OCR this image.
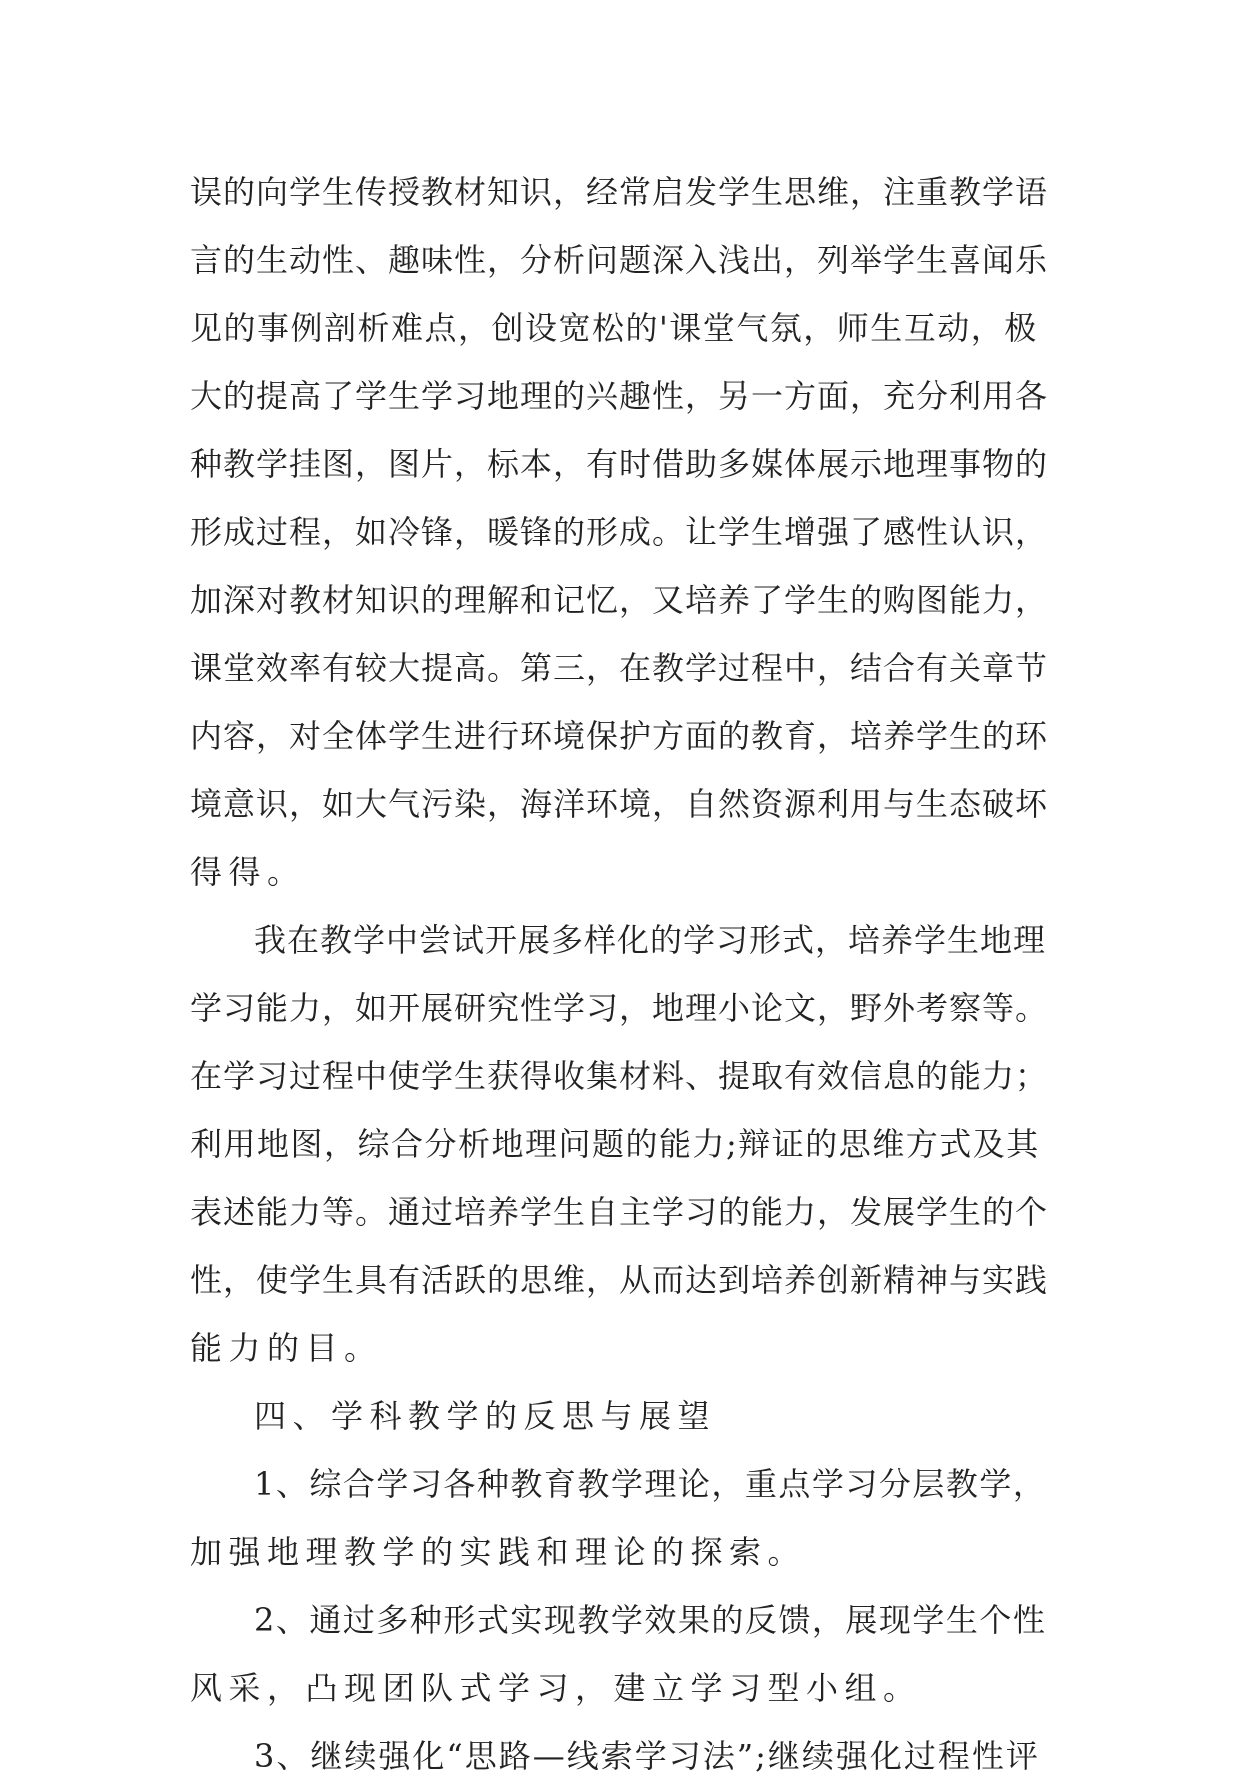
误的向学生传授教材知识，经常启发学生思维，注重教学语
言的生动性、趣味性，分析问题深入浅出，列举学生喜闻乐
见的事例剖析难点，创设宽松的'课堂气氛，师生互动，极
大的提高了学生学习地理的兴趣性，另一方面，充分利用各
种教学挂图，图片，标本，有时借助多媒体展示地理事物的
形成过程，如冷锋，暖锋的形成。让学生增强了感性认识，
加深对教材知识的理解和记忆，又培养了学生的购图能力，
课堂效率有较大提高。第三，在教学过程中，结合有关章节
内容，对全体学生进行环境保护方面的教育，培养学生的环
境意识，如大气污染，海洋环境，自然资源利用与生态破坏
得得。
我在教学中尝试开展多样化的学习形式，培养学生地理
学习能力，如开展研究性学习，地理小论文，野外考察等。
在学习过程中使学生获得收集材料、提取有效信息的能力；
利用地图，综合分析地理问题的能力;辩证的思维方式及其
表述能力等。通过培养学生自主学习的能力，发展学生的个
性，使学生具有活跃的思维，从而达到培养创新精神与实践
能力的目。
四、学科教学的反思与展望
1、综合学习各种教育教学理论，重点学习分层教学，
加强地理教学的实践和理论的探索。
2、通过多种形式实现教学效果的反馈，展现学生个性
风采，凸现团队式学习，建立学习型小组。
3、继续强化“思路—线索学习法”;继续强化过程性评
